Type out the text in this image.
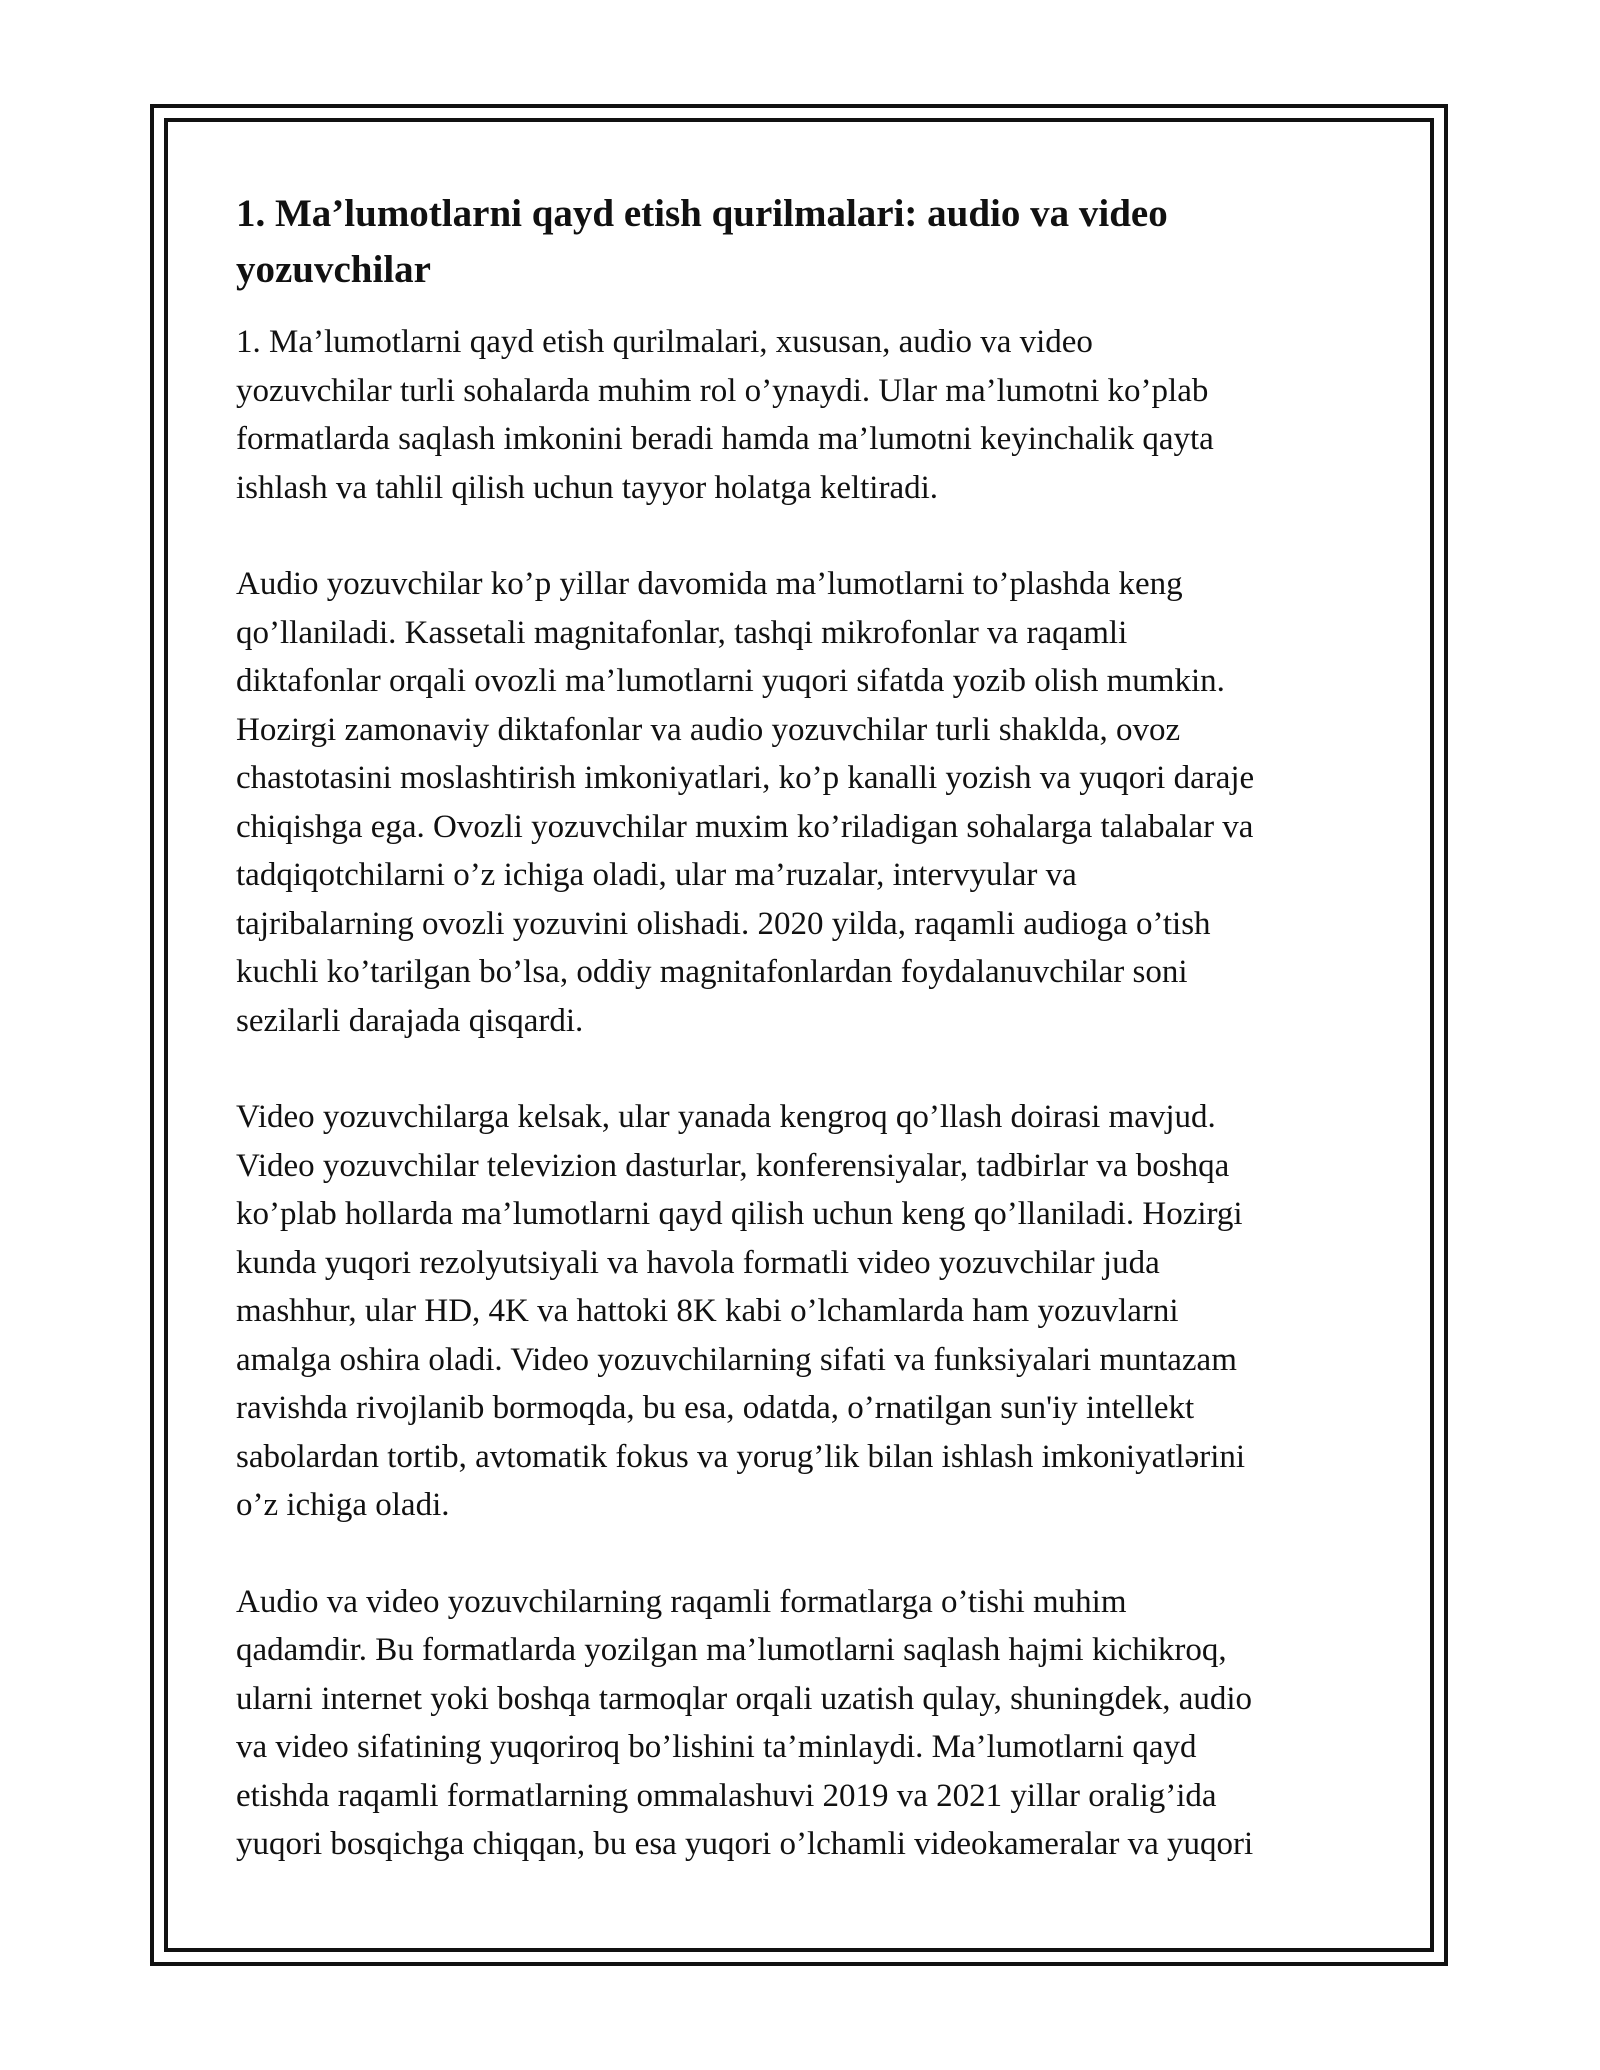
1. Ma’lumotlarni qayd etish qurilmalari: audio va video
yozuvchilar
1. Ma’lumotlarni qayd etish qurilmalari, xususan, audio va video
yozuvchilar turli sohalarda muhim rol o’ynaydi. Ular ma’lumotni ko’plab
formatlarda saqlash imkonini beradi hamda ma’lumotni keyinchalik qayta
ishlash va tahlil qilish uchun tayyor holatga keltiradi.
Audio yozuvchilar ko’p yillar davomida ma’lumotlarni to’plashda keng
qo’llaniladi. Kassetali magnitafonlar, tashqi mikrofonlar va raqamli
diktafonlar orqali ovozli ma’lumotlarni yuqori sifatda yozib olish mumkin.
Hozirgi zamonaviy diktafonlar va audio yozuvchilar turli shaklda, ovoz
chastotasini moslashtirish imkoniyatlari, ko’p kanalli yozish va yuqori daraje
chiqishga ega. Ovozli yozuvchilar muxim ko’riladigan sohalarga talabalar va
tadqiqotchilarni o’z ichiga oladi, ular ma’ruzalar, intervyular va
tajribalarning ovozli yozuvini olishadi. 2020 yilda, raqamli audioga o’tish
kuchli ko’tarilgan bo’lsa, oddiy magnitafonlardan foydalanuvchilar soni
sezilarli darajada qisqardi.
Video yozuvchilarga kelsak, ular yanada kengroq qo’llash doirasi mavjud.
Video yozuvchilar televizion dasturlar, konferensiyalar, tadbirlar va boshqa
ko’plab hollarda ma’lumotlarni qayd qilish uchun keng qo’llaniladi. Hozirgi
kunda yuqori rezolyutsiyali va havola formatli video yozuvchilar juda
mashhur, ular HD, 4K va hattoki 8K kabi o’lchamlarda ham yozuvlarni
amalga oshira oladi. Video yozuvchilarning sifati va funksiyalari muntazam
ravishda rivojlanib bormoqda, bu esa, odatda, o’rnatilgan sun'iy intellekt
sabolardan tortib, avtomatik fokus va yorug’lik bilan ishlash imkoniyatlərini
o’z ichiga oladi.
Audio va video yozuvchilarning raqamli formatlarga o’tishi muhim
qadamdir. Bu formatlarda yozilgan ma’lumotlarni saqlash hajmi kichikroq,
ularni internet yoki boshqa tarmoqlar orqali uzatish qulay, shuningdek, audio
va video sifatining yuqoriroq bo’lishini ta’minlaydi. Ma’lumotlarni qayd
etishda raqamli formatlarning ommalashuvi 2019 va 2021 yillar oralig’ida
yuqori bosqichga chiqqan, bu esa yuqori o’lchamli videokameralar va yuqori
